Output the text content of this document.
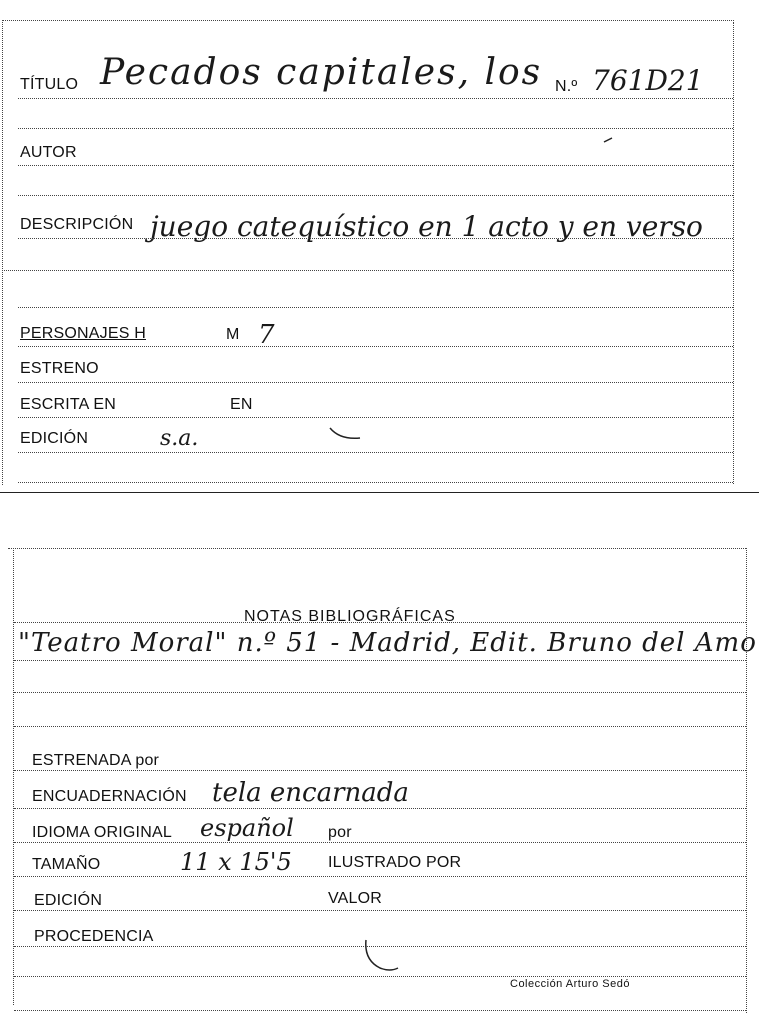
TÍTULO Pecados capitales, los N.º 761D21
AUTOR
DESCRIPCIÓN juego catequístico en 1 acto y en verso
PERSONAJES H	M 7
ESTRENO
ESCRITA EN	EN
EDICIÓN	s.a.
NOTAS BIBLIOGRÁFICAS
"Teatro Moral" n.º 51 - Madrid, Edit. Bruno del Amo
ESTRENADA por
ENCUADERNACIÓN tela encarnada
IDIOMA ORIGINAL español por
TAMAÑO	11 x 15'5 ILUSTRADO POR
EDICIÓN	VALOR
PROCEDENCIA
Colección Arturo Sedó
